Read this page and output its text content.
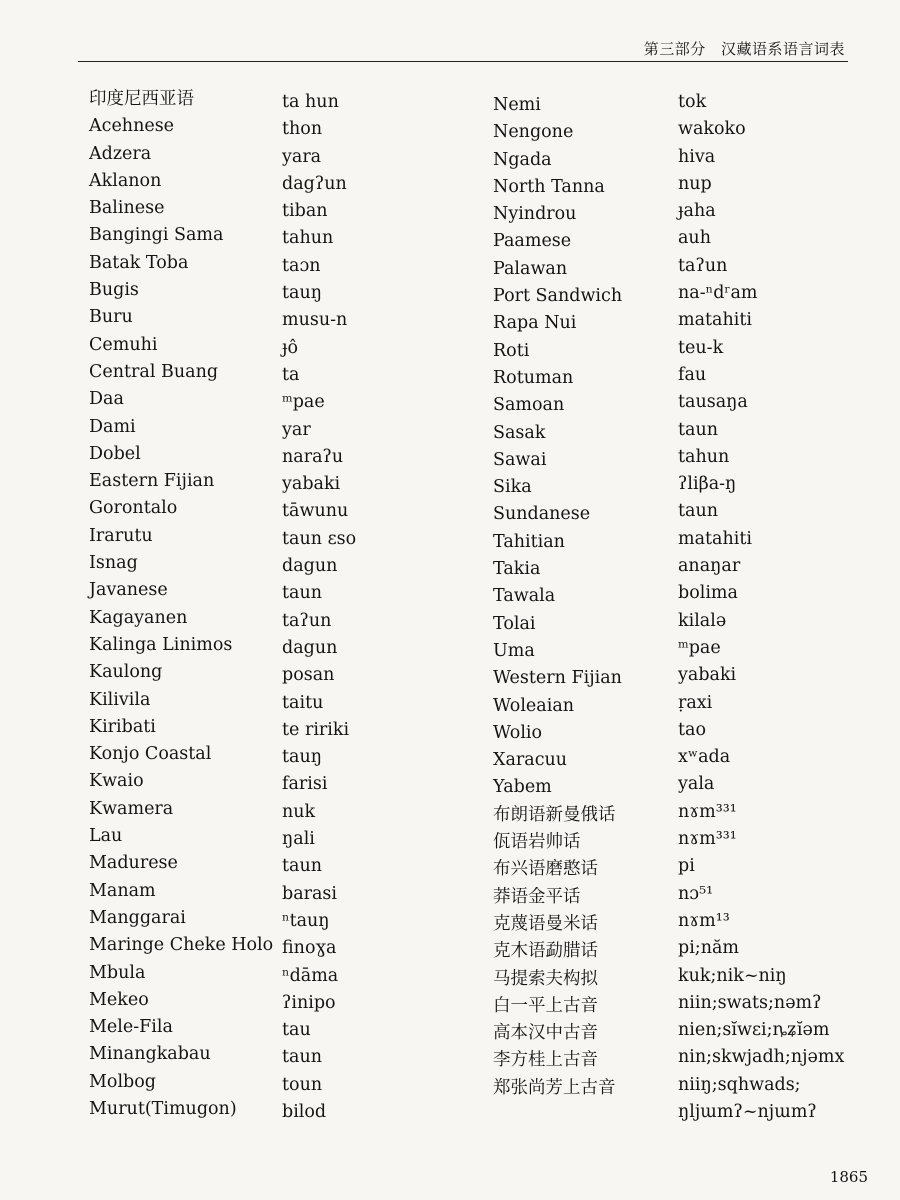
第三部分 汉藏语系语言词表
印度尼西亚语
Acehnese
Adzera
Aklanon
Balinese
Bangingi Sama
Batak Toba
Bugis
Buru
Cemuhi
Central Buang
Daa
Dami
Dobel
Eastern Fijian
Gorontalo
Irarutu
Isnag
Javanese
Kagayanen
Kalinga Linimos
Kaulong
Kilivila
Kiribati
Konjo Coastal
Kwaio
Kwamera
Lau
Madurese
Manam
Manggarai
Maringe Cheke Holo
Mbula
Mekeo
Mele-Fila
Minangkabau
Molbog
Murut(Timugon)
ta hun
thon
yara
dagʔun
tiban
tahun
taɔn
tauŋ
musu-n
ɟô
ta
ᵐpae
yar
naraʔu
yabaki
tāwunu
taun ɛso
dagun
taun
taʔun
dagun
posan
taitu
te ririki
tauŋ
farisi
nuk
ŋali
taun
barasi
ⁿtauŋ
finoɣa
ⁿdāma
ʔinipo
tau
taun
toun
bilod
Nemi
Nengone
Ngada
North Tanna
Nyindrou
Paamese
Palawan
Port Sandwich
Rapa Nui
Roti
Rotuman
Samoan
Sasak
Sawai
Sika
Sundanese
Tahitian
Takia
Tawala
Tolai
Uma
Western Fijian
Woleaian
Wolio
Xaracuu
Yabem
布朗语新曼俄话
佤语岩帅话
布兴语磨憨话
莽语金平话
克蔑语曼米话
克木语勐腊话
马提索夫构拟
白一平上古音
高本汉中古音
李方桂上古音
郑张尚芳上古音
tok
wakoko
hiva
nup
ɟaha
auh
taʔun
na-ⁿdʳam
matahiti
teu-k
fau
tausaŋa
taun
tahun
ʔliβa-ŋ
taun
matahiti
anaŋar
bolima
kilalə
ᵐpae
yabaki
ṛaxi
tao
xʷada
yala
nɤm³³¹
nɤm³³¹
pi
nɔ⁵¹
nɤm¹³
pi;năm
kuk;nik~niŋ
niin;swats;nəmʔ
nien;sĭwɛi;ȵʑĭəm
nin;skwjadh;njəmx
niiŋ;sqhwads;
ŋljɯmʔ~njɯmʔ
1865
